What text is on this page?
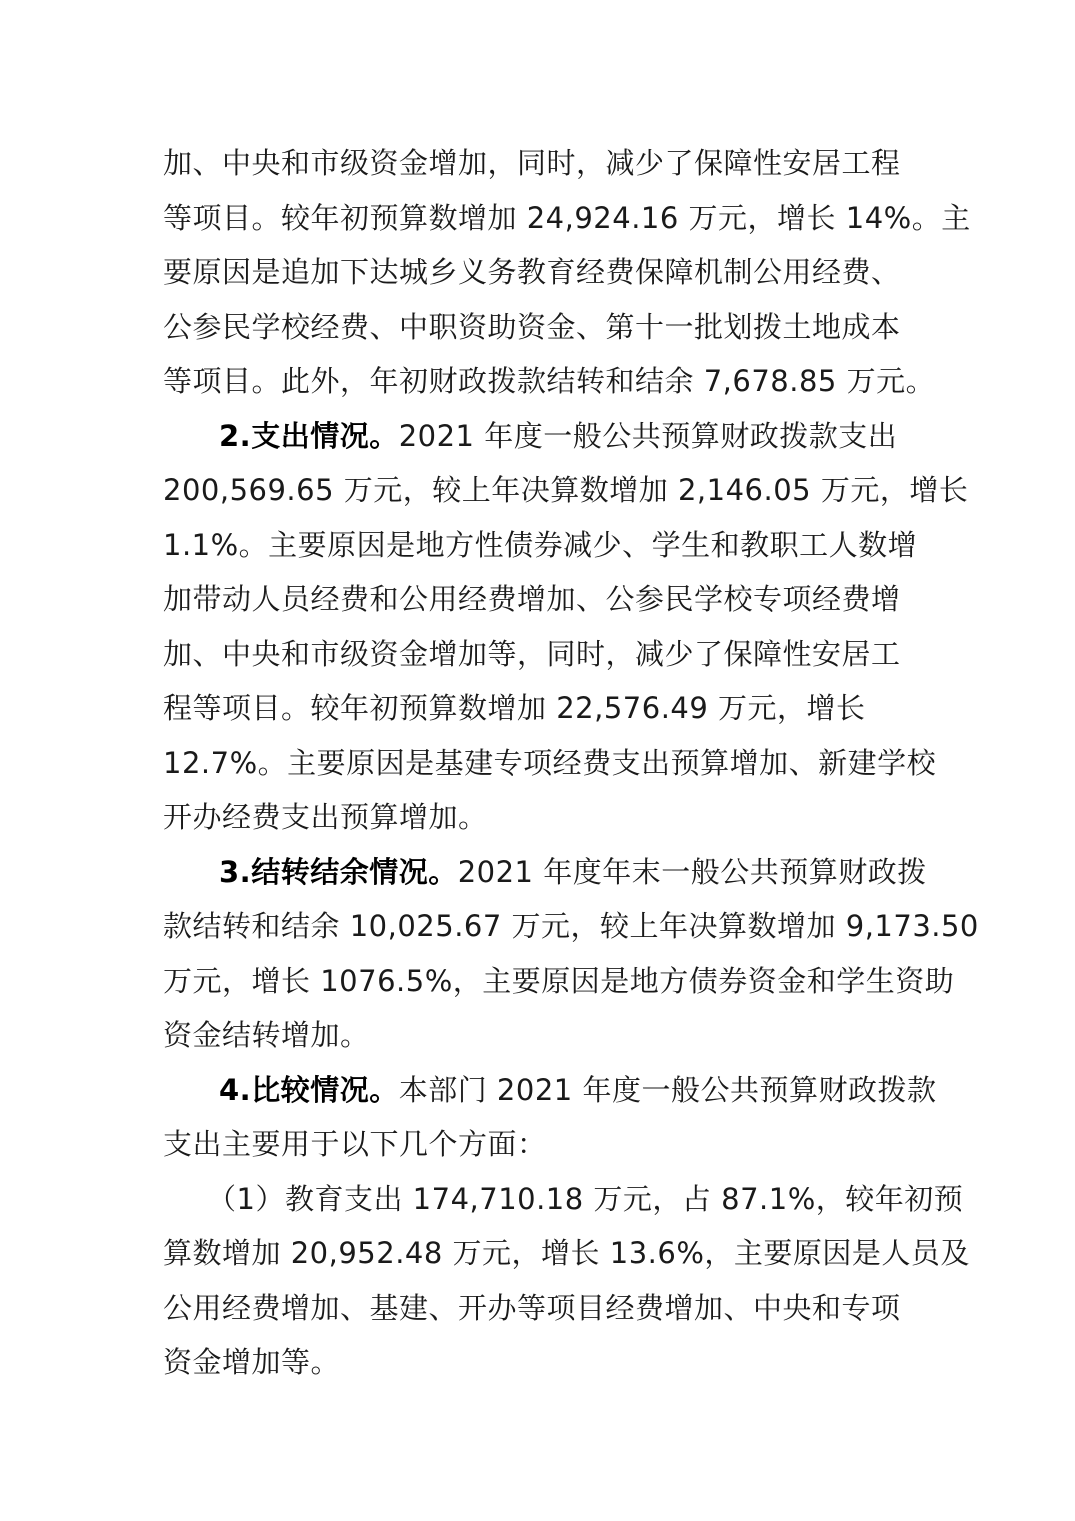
加、中央和市级资金增加，同时，减少了保障性安居工程
等项目。较年初预算数增加 24,924.16 万元，增长 14%。主
要原因是追加下达城乡义务教育经费保障机制公用经费、
公参民学校经费、中职资助资金、第十一批划拨土地成本
等项目。此外，年初财政拨款结转和结余 7,678.85 万元。
2.支出情况。2021 年度一般公共预算财政拨款支出
200,569.65 万元，较上年决算数增加 2,146.05 万元，增长
1.1%。主要原因是地方性债券减少、学生和教职工人数增
加带动人员经费和公用经费增加、公参民学校专项经费增
加、中央和市级资金增加等，同时，减少了保障性安居工
程等项目。较年初预算数增加 22,576.49 万元，增长
12.7%。主要原因是基建专项经费支出预算增加、新建学校
开办经费支出预算增加。
3.结转结余情况。2021 年度年末一般公共预算财政拨
款结转和结余 10,025.67 万元，较上年决算数增加 9,173.50
万元，增长 1076.5%，主要原因是地方债券资金和学生资助
资金结转增加。
4.比较情况。本部门 2021 年度一般公共预算财政拨款
支出主要用于以下几个方面：
（1）教育支出 174,710.18 万元，占 87.1%，较年初预
算数增加 20,952.48 万元，增长 13.6%，主要原因是人员及
公用经费增加、基建、开办等项目经费增加、中央和专项
资金增加等。
